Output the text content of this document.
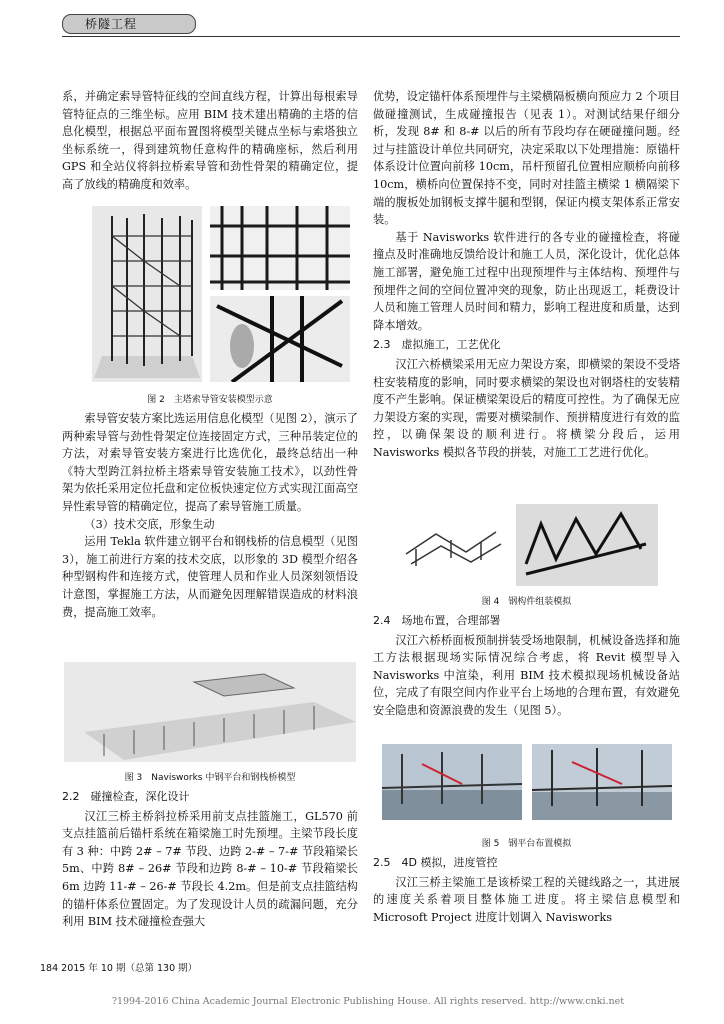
桥隧工程

系，并确定索导管特征线的空间直线方程，计算出每根索导管特征点的三维坐标。应用 BIM 技术建出精确的主塔的信息化模型，根据总平面布置图将模型关键点坐标与索塔独立坐标系统一，得到建筑物任意构件的精确座标，然后利用 GPS 和全站仪将斜拉桥索导管和劲性骨架的精确定位，提高了放线的精确度和效率。

图 2　主塔索导管安装模型示意

索导管安装方案比选运用信息化模型（见图 2），演示了两种索导管与劲性骨架定位连接固定方式，三种吊装定位的方法，对索导管安装方案进行比选优化，最终总结出一种《特大型跨江斜拉桥主塔索导管安装施工技术》，以劲性骨架为依托采用定位托盘和定位板快速定位方式实现江面高空异性索导管的精确定位，提高了索导管施工质量。

（3）技术交底，形象生动

运用 Tekla 软件建立钢平台和钢栈桥的信息模型（见图 3），施工前进行方案的技术交底，以形象的 3D 模型介绍各种型钢构件和连接方式，使管理人员和作业人员深刻领悟设计意图，掌握施工方法，从而避免因理解错误造成的材料浪费，提高施工效率。

图 3　Navisworks 中钢平台和钢栈桥模型

2.2　碰撞检查，深化设计

汉江三桥主桥斜拉桥采用前支点挂篮施工，GL570 前支点挂篮前后锚杆系统在箱梁施工时先预埋。主梁节段长度有 3 种：中跨 2# – 7# 节段、边跨 2-# – 7-# 节段箱梁长 5m、中跨 8# – 26# 节段和边跨 8-# – 10-# 节段箱梁长 6m 边跨 11-# – 26-# 节段长 4.2m。但是前支点挂篮结构的锚杆体系位置固定。为了发现设计人员的疏漏问题，充分利用 BIM 技术碰撞检查强大

优势，设定锚杆体系预埋件与主梁横隔板横向预应力 2 个项目做碰撞测试，生成碰撞报告（见表 1）。对测试结果仔细分析，发现 8# 和 8-# 以后的所有节段均存在硬碰撞问题。经过与挂篮设计单位共同研究，决定采取以下处理措施：原锚杆体系设计位置向前移 10cm，吊杆预留孔位置相应顺桥向前移 10cm，横桥向位置保持不变，同时对挂篮主横梁 1 横隔梁下端的腹板处加钢板支撑牛腿和型钢，保证内模支架体系正常安装。

基于 Navisworks 软件进行的各专业的碰撞检查，将碰撞点及时准确地反馈给设计和施工人员，深化设计，优化总体施工部署，避免施工过程中出现预埋件与主体结构、预埋件与预埋件之间的空间位置冲突的现象，防止出现返工，耗费设计人员和施工管理人员时间和精力，影响工程进度和质量，达到降本增效。

2.3　虚拟施工，工艺优化

汉江六桥横梁采用无应力架设方案，即横梁的架设不受塔柱安装精度的影响，同时要求横梁的架设也对钢塔柱的安装精度不产生影响。保证横梁架设后的精度可控性。为了确保无应力架设方案的实现，需要对横梁制作、预拼精度进行有效的监控，以确保架设的顺利进行。将横梁分段后，运用 Navisworks 模拟各节段的拼装，对施工工艺进行优化。

图 4　钢构件组装模拟

2.4　场地布置，合理部署

汉江六桥桥面板预制拼装受场地限制，机械设备选择和施工方法根据现场实际情况综合考虑，将 Revit 模型导入 Navisworks 中渲染，利用 BIM 技术模拟现场机械设备站位，完成了有限空间内作业平台上场地的合理布置，有效避免安全隐患和资源浪费的发生（见图 5）。

图 5　钢平台布置模拟

2.5　4D 模拟，进度管控

汉江三桥主梁施工是该桥梁工程的关键线路之一，其进展的速度关系着项目整体施工进度。将主梁信息模型和 Microsoft Project 进度计划调入 Navisworks

184 2015 年 10 期（总第 130 期）
?1994-2016 China Academic Journal Electronic Publishing House. All rights reserved. http://www.cnki.net
